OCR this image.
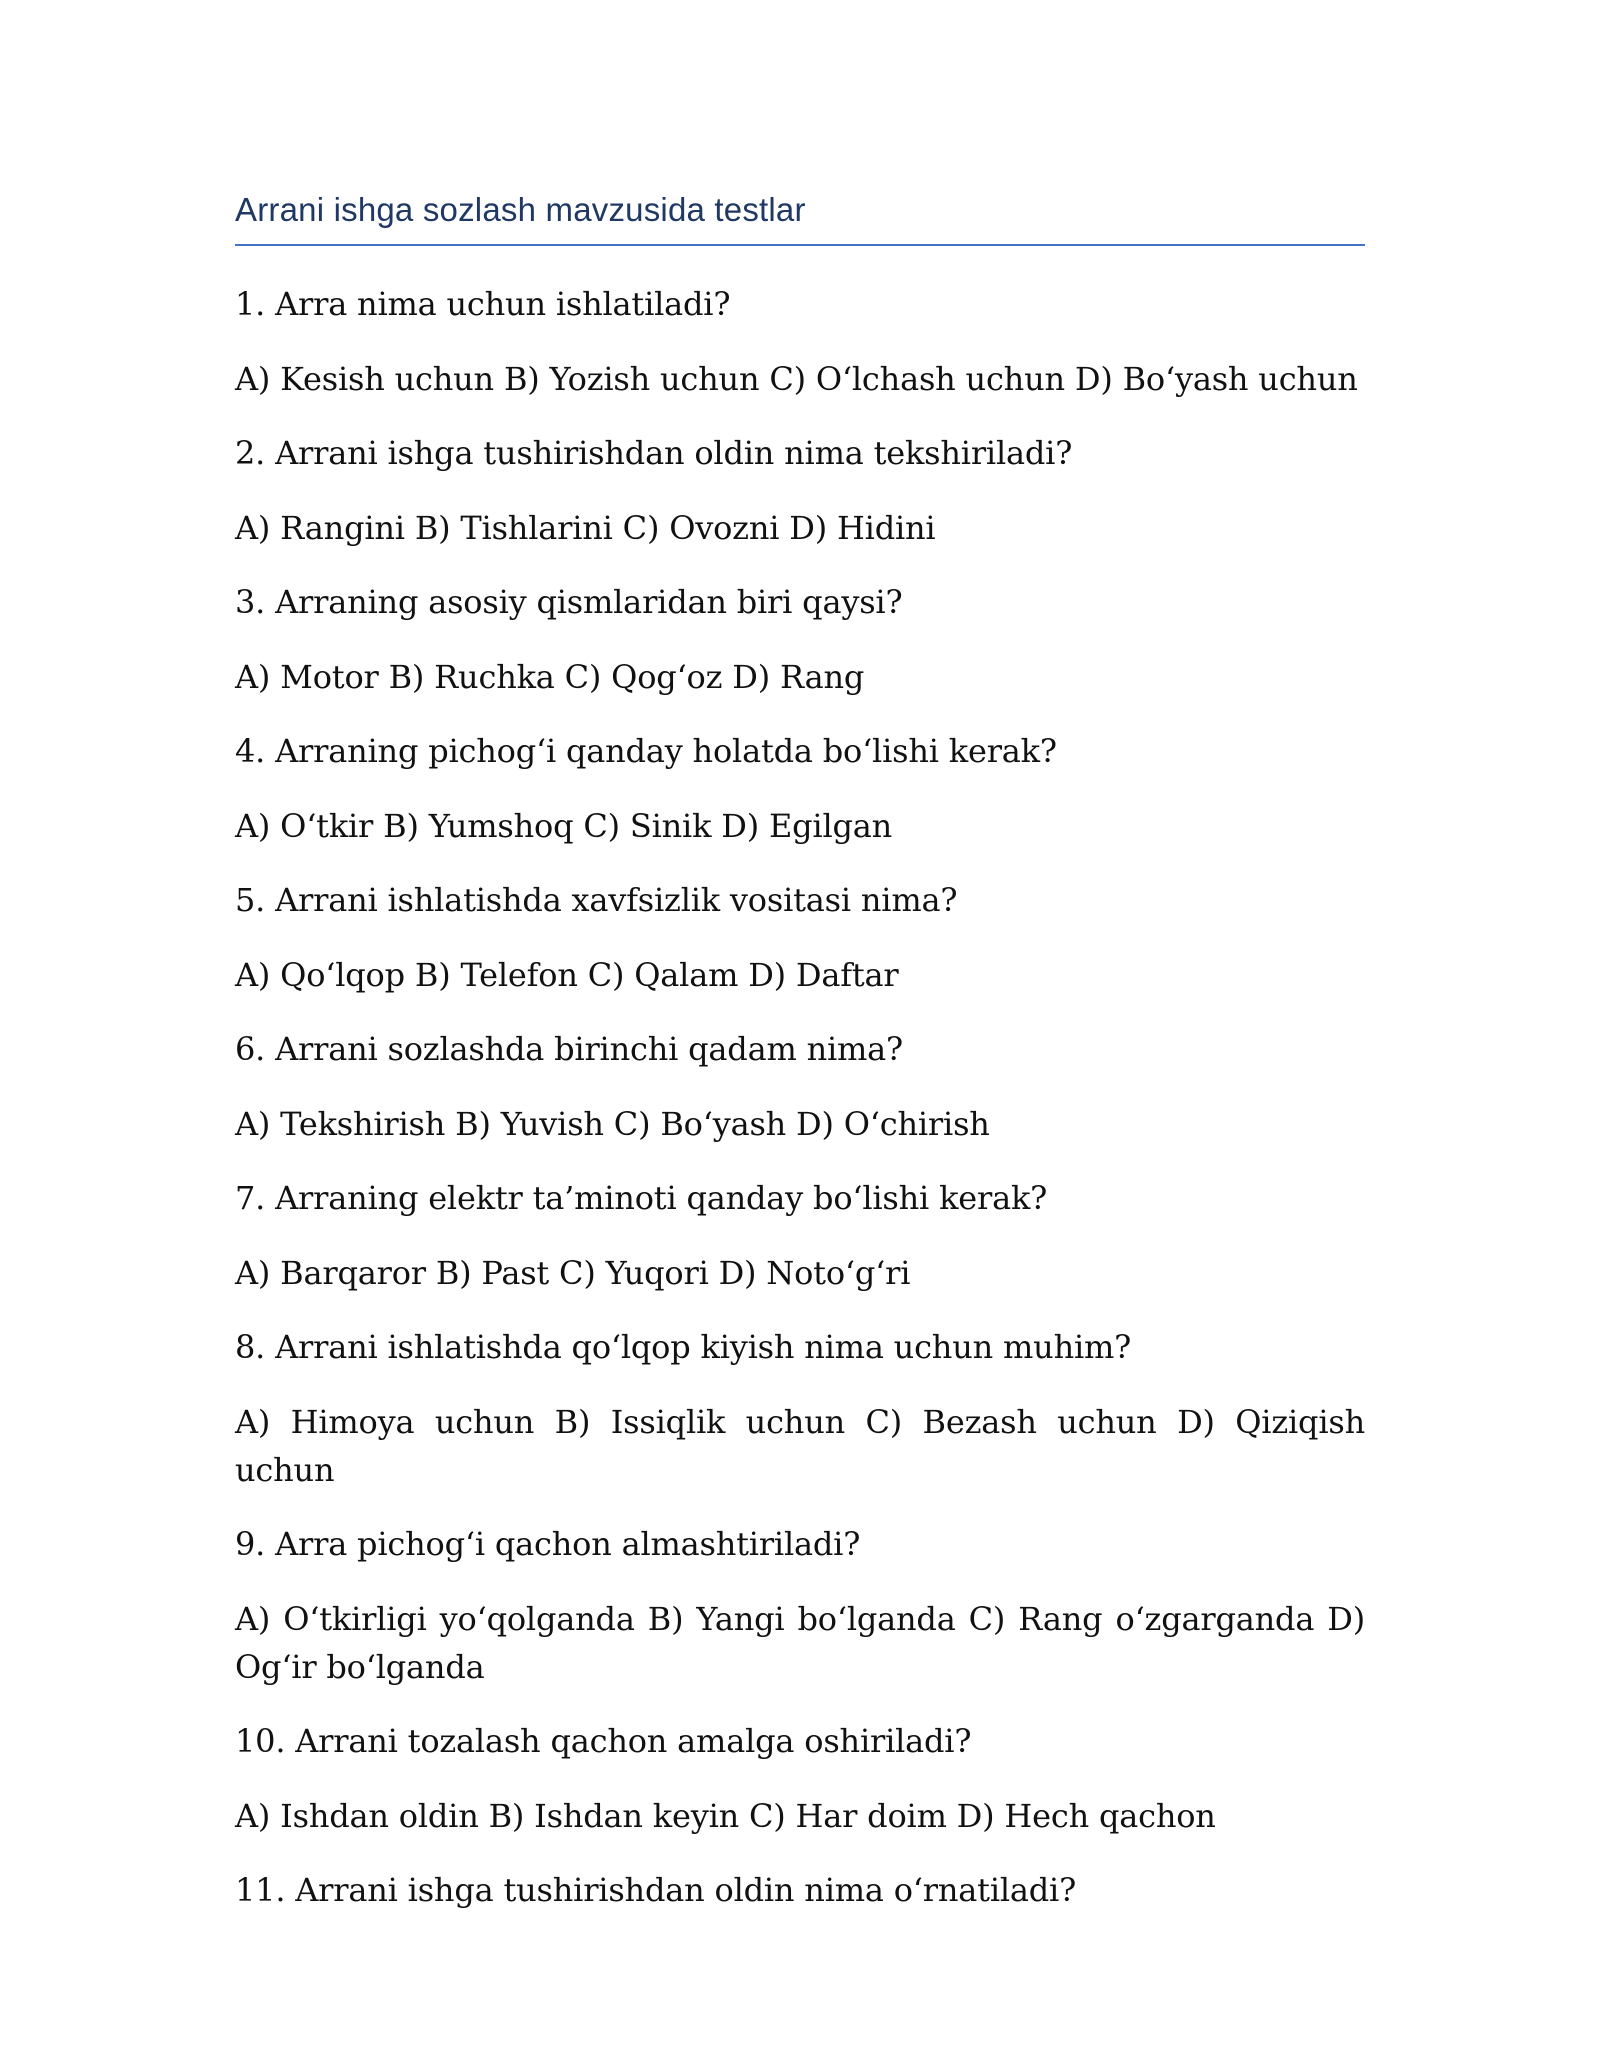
Arrani ishga sozlash mavzusida testlar

1. Arra nima uchun ishlatiladi?

A) Kesish uchun B) Yozish uchun C) O‘lchash uchun D) Bo‘yash uchun

2. Arrani ishga tushirishdan oldin nima tekshiriladi?

A) Rangini B) Tishlarini C) Ovozni D) Hidini

3. Arraning asosiy qismlaridan biri qaysi?

A) Motor B) Ruchka C) Qog‘oz D) Rang

4. Arraning pichog‘i qanday holatda bo‘lishi kerak?

A) O‘tkir B) Yumshoq C) Sinik D) Egilgan

5. Arrani ishlatishda xavfsizlik vositasi nima?

A) Qo‘lqop B) Telefon C) Qalam D) Daftar

6. Arrani sozlashda birinchi qadam nima?

A) Tekshirish B) Yuvish C) Bo‘yash D) O‘chirish

7. Arraning elektr ta’minoti qanday bo‘lishi kerak?

A) Barqaror B) Past C) Yuqori D) Noto‘g‘ri

8. Arrani ishlatishda qo‘lqop kiyish nima uchun muhim?

A) Himoya uchun B) Issiqlik uchun C) Bezash uchun D) Qiziqish uchun

9. Arra pichog‘i qachon almashtiriladi?

A) O‘tkirligi yo‘qolganda B) Yangi bo‘lganda C) Rang o‘zgarganda D) Og‘ir bo‘lganda

10. Arrani tozalash qachon amalga oshiriladi?

A) Ishdan oldin B) Ishdan keyin C) Har doim D) Hech qachon

11. Arrani ishga tushirishdan oldin nima o‘rnatiladi?
